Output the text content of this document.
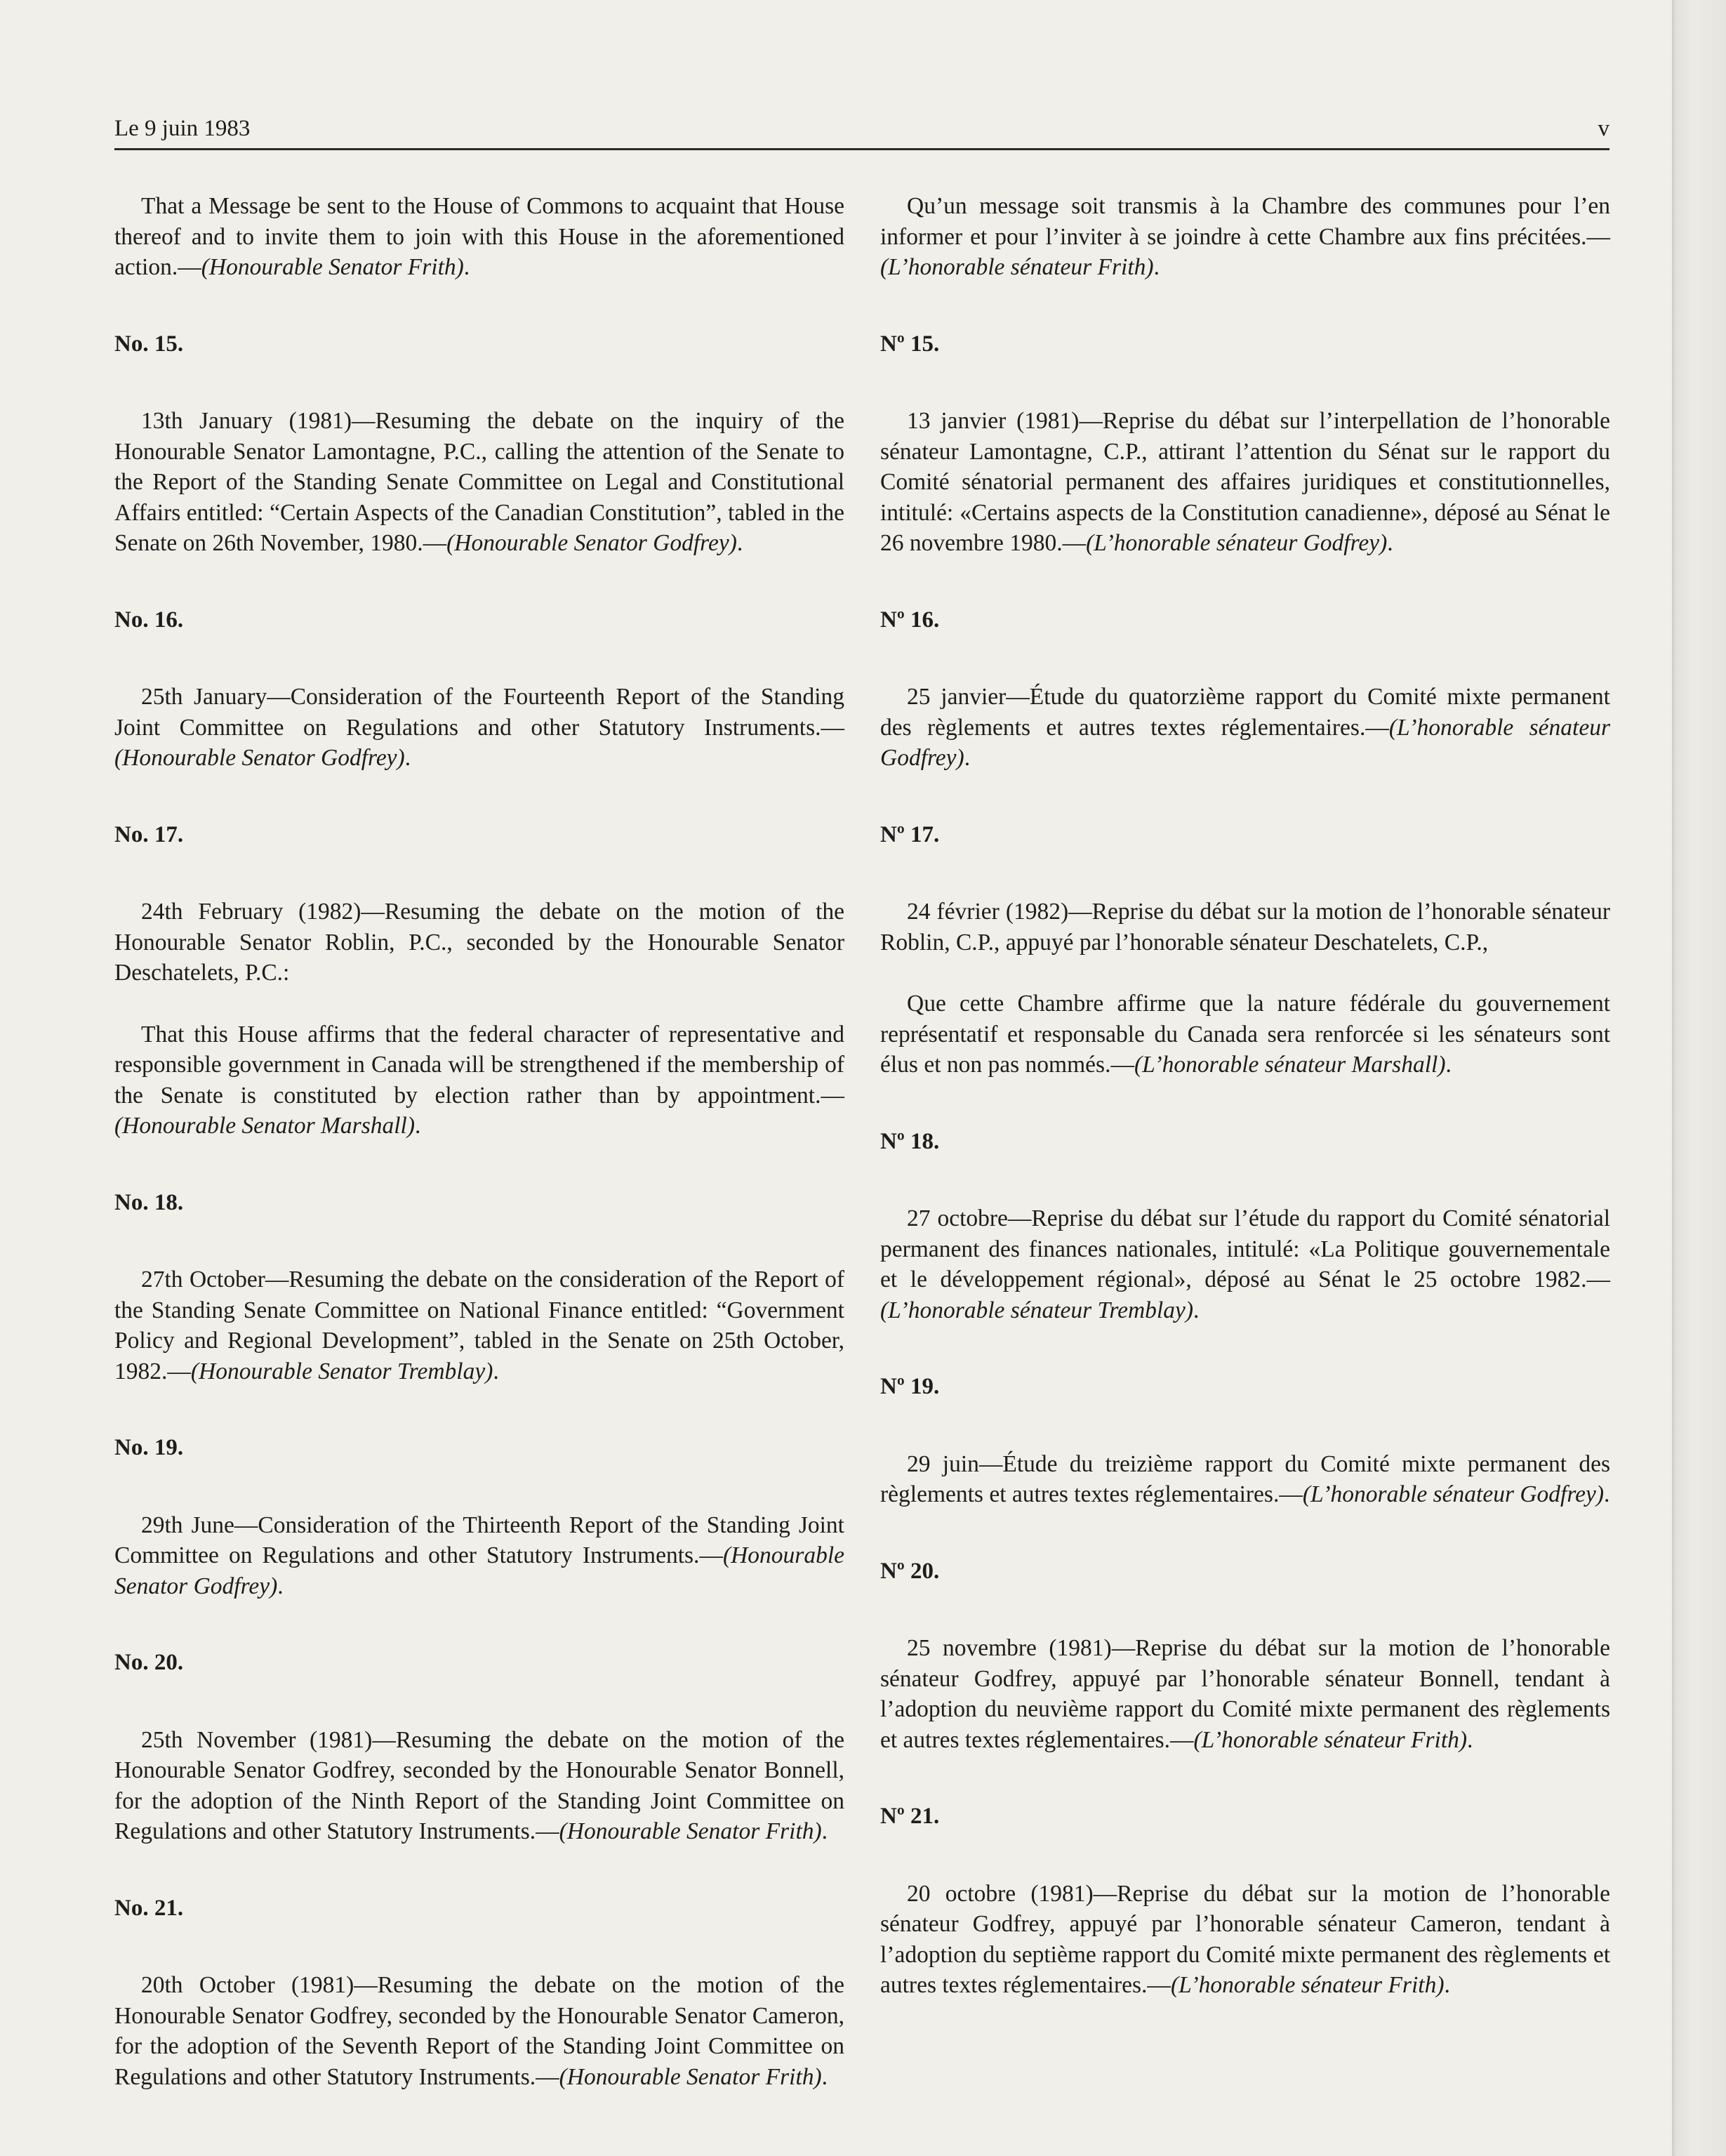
Le 9 juin 1983	v

That a Message be sent to the House of Commons to acquaint that House thereof and to invite them to join with this House in the aforementioned action.—(Honourable Senator Frith).

No. 15.

13th January (1981)—Resuming the debate on the inquiry of the Honourable Senator Lamontagne, P.C., calling the attention of the Senate to the Report of the Standing Senate Committee on Legal and Constitutional Affairs entitled: “Certain Aspects of the Canadian Constitution”, tabled in the Senate on 26th November, 1980.—(Honourable Senator Godfrey).

No. 16.

25th January—Consideration of the Fourteenth Report of the Standing Joint Committee on Regulations and other Statutory Instruments.—(Honourable Senator Godfrey).

No. 17.

24th February (1982)—Resuming the debate on the motion of the Honourable Senator Roblin, P.C., seconded by the Honourable Senator Deschatelets, P.C.:

That this House affirms that the federal character of representative and responsible government in Canada will be strengthened if the membership of the Senate is constituted by election rather than by appointment.—(Honourable Senator Marshall).

No. 18.

27th October—Resuming the debate on the consideration of the Report of the Standing Senate Committee on National Finance entitled: “Government Policy and Regional Development”, tabled in the Senate on 25th October, 1982.—(Honourable Senator Tremblay).

No. 19.

29th June—Consideration of the Thirteenth Report of the Standing Joint Committee on Regulations and other Statutory Instruments.—(Honourable Senator Godfrey).

No. 20.

25th November (1981)—Resuming the debate on the motion of the Honourable Senator Godfrey, seconded by the Honourable Senator Bonnell, for the adoption of the Ninth Report of the Standing Joint Committee on Regulations and other Statutory Instruments.—(Honourable Senator Frith).

No. 21.

20th October (1981)—Resuming the debate on the motion of the Honourable Senator Godfrey, seconded by the Honourable Senator Cameron, for the adoption of the Seventh Report of the Standing Joint Committee on Regulations and other Statutory Instruments.—(Honourable Senator Frith).

Qu’un message soit transmis à la Chambre des communes pour l’en informer et pour l’inviter à se joindre à cette Chambre aux fins précitées.—(L’honorable sénateur Frith).

Nº 15.

13 janvier (1981)—Reprise du débat sur l’interpellation de l’honorable sénateur Lamontagne, C.P., attirant l’attention du Sénat sur le rapport du Comité sénatorial permanent des affaires juridiques et constitutionnelles, intitulé: «Certains aspects de la Constitution canadienne», déposé au Sénat le 26 novembre 1980.—(L’honorable sénateur Godfrey).

Nº 16.

25 janvier—Étude du quatorzième rapport du Comité mixte permanent des règlements et autres textes réglementaires.—(L’honorable sénateur Godfrey).

Nº 17.

24 février (1982)—Reprise du débat sur la motion de l’honorable sénateur Roblin, C.P., appuyé par l’honorable sénateur Deschatelets, C.P.,

Que cette Chambre affirme que la nature fédérale du gouvernement représentatif et responsable du Canada sera renforcée si les sénateurs sont élus et non pas nommés.—(L’honorable sénateur Marshall).

Nº 18.

27 octobre—Reprise du débat sur l’étude du rapport du Comité sénatorial permanent des finances nationales, intitulé: «La Politique gouvernementale et le développement régional», déposé au Sénat le 25 octobre 1982.—(L’honorable sénateur Tremblay).

Nº 19.

29 juin—Étude du treizième rapport du Comité mixte permanent des règlements et autres textes réglementaires.—(L’honorable sénateur Godfrey).

Nº 20.

25 novembre (1981)—Reprise du débat sur la motion de l’honorable sénateur Godfrey, appuyé par l’honorable sénateur Bonnell, tendant à l’adoption du neuvième rapport du Comité mixte permanent des règlements et autres textes réglementaires.—(L’honorable sénateur Frith).

Nº 21.

20 octobre (1981)—Reprise du débat sur la motion de l’honorable sénateur Godfrey, appuyé par l’honorable sénateur Cameron, tendant à l’adoption du septième rapport du Comité mixte permanent des règlements et autres textes réglementaires.—(L’honorable sénateur Frith).
